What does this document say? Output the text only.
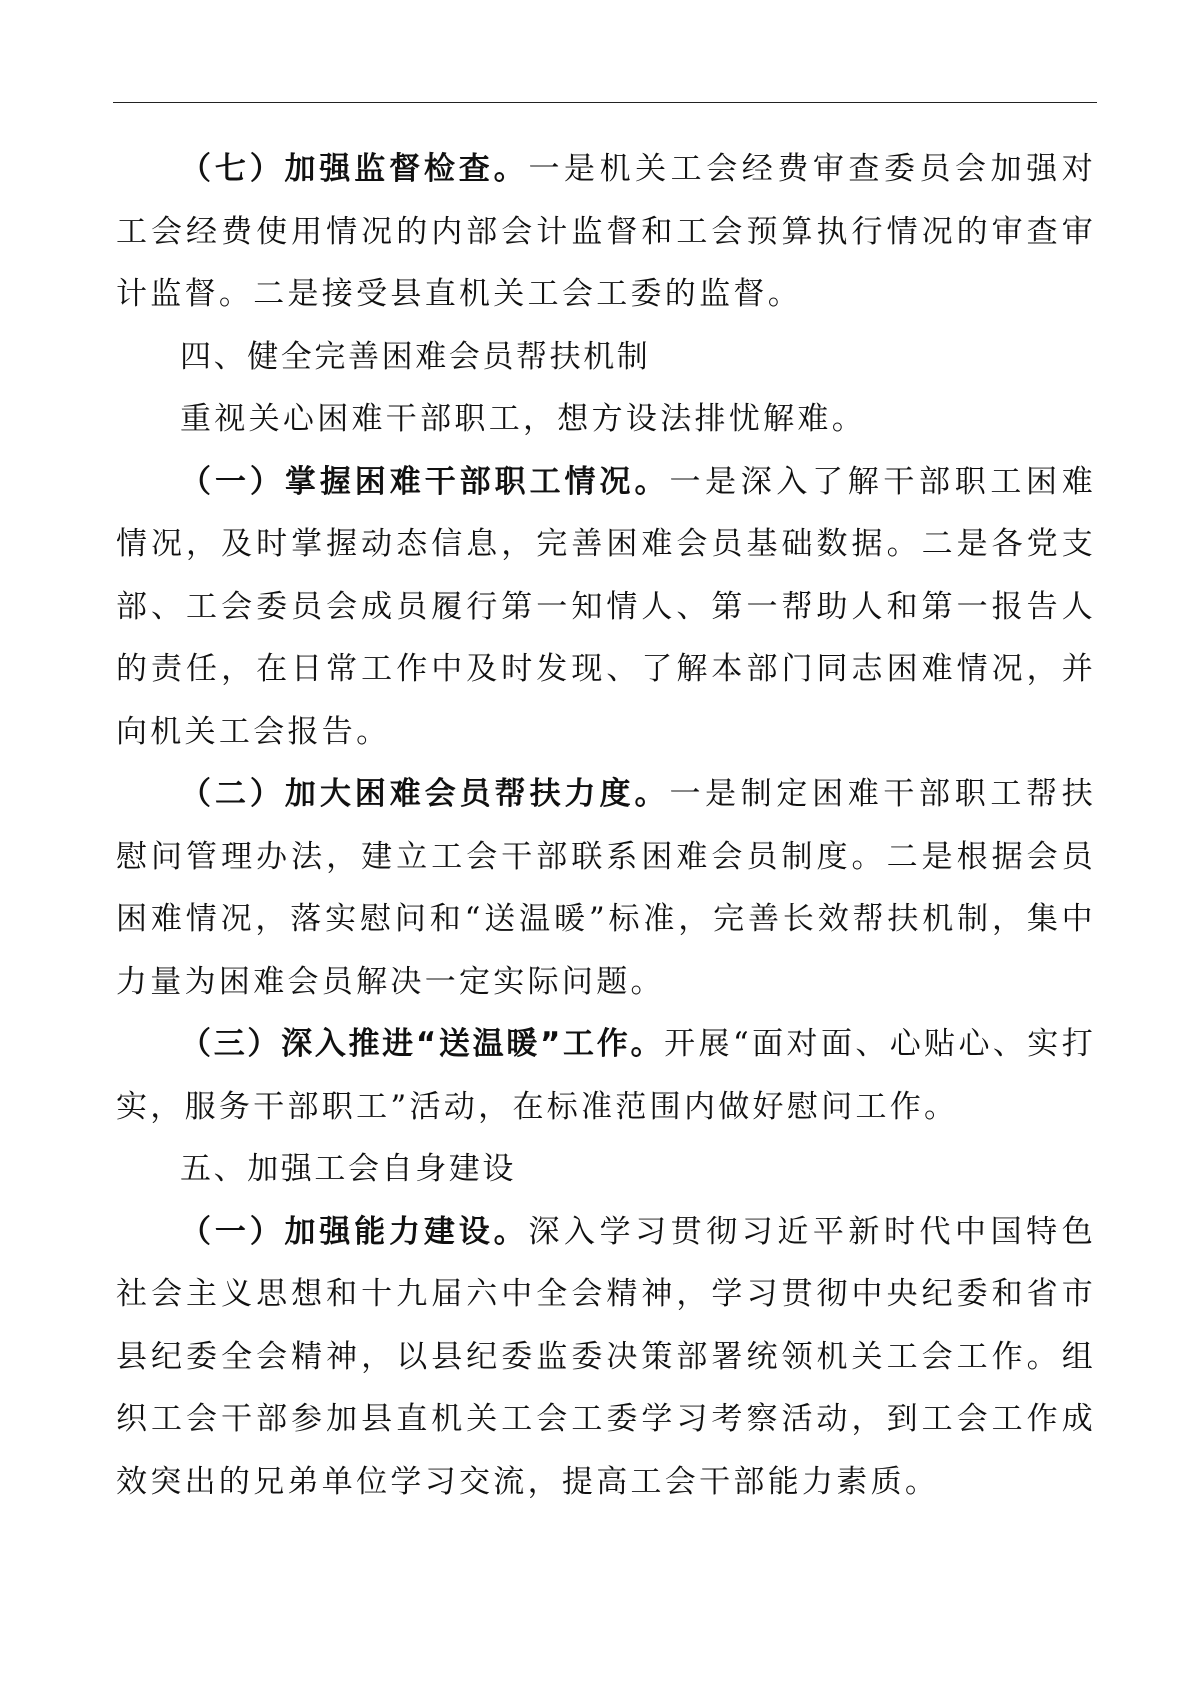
（七）加强监督检查。一是机关工会经费审查委员会加强对工会经费使用情况的内部会计监督和工会预算执行情况的审查审计监督。二是接受县直机关工会工委的监督。

四、健全完善困难会员帮扶机制

重视关心困难干部职工，想方设法排忧解难。

（一）掌握困难干部职工情况。一是深入了解干部职工困难情况，及时掌握动态信息，完善困难会员基础数据。二是各党支部、工会委员会成员履行第一知情人、第一帮助人和第一报告人的责任，在日常工作中及时发现、了解本部门同志困难情况，并向机关工会报告。

（二）加大困难会员帮扶力度。一是制定困难干部职工帮扶慰问管理办法，建立工会干部联系困难会员制度。二是根据会员困难情况，落实慰问和“送温暖”标准，完善长效帮扶机制，集中力量为困难会员解决一定实际问题。

（三）深入推进“送温暖”工作。开展“面对面、心贴心、实打实，服务干部职工”活动，在标准范围内做好慰问工作。

五、加强工会自身建设

（一）加强能力建设。深入学习贯彻习近平新时代中国特色社会主义思想和十九届六中全会精神，学习贯彻中央纪委和省市县纪委全会精神，以县纪委监委决策部署统领机关工会工作。组织工会干部参加县直机关工会工委学习考察活动，到工会工作成效突出的兄弟单位学习交流，提高工会干部能力素质。
